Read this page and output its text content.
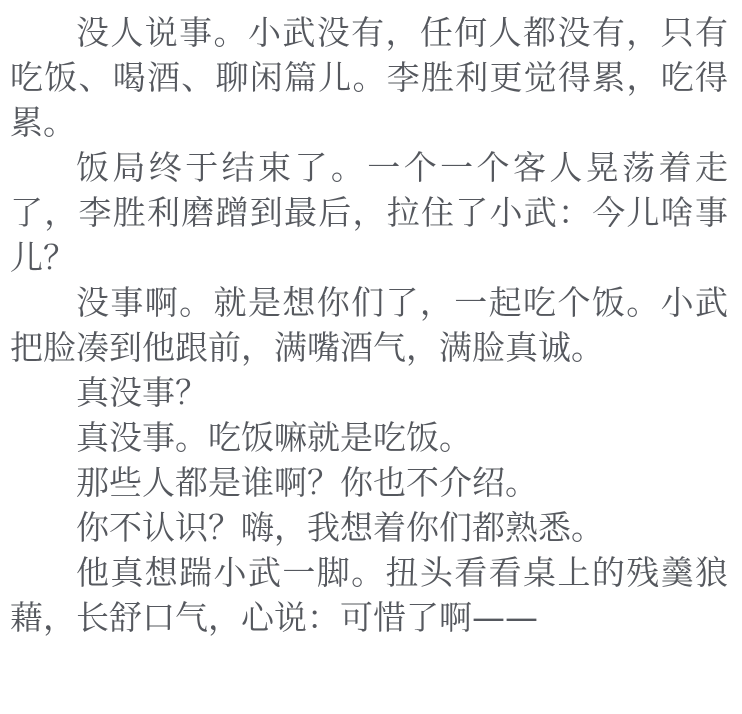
没人说事。小武没有，任何人都没有，只有吃饭、喝酒、聊闲篇儿。李胜利更觉得累，吃得累。

饭局终于结束了。一个一个客人晃荡着走了，李胜利磨蹭到最后，拉住了小武：今儿啥事儿？

没事啊。就是想你们了，一起吃个饭。小武把脸凑到他跟前，满嘴酒气，满脸真诚。

真没事？

真没事。吃饭嘛就是吃饭。

那些人都是谁啊？你也不介绍。

你不认识？嗨，我想着你们都熟悉。

他真想踹小武一脚。扭头看看桌上的残羹狼藉，长舒口气，心说：可惜了啊——
